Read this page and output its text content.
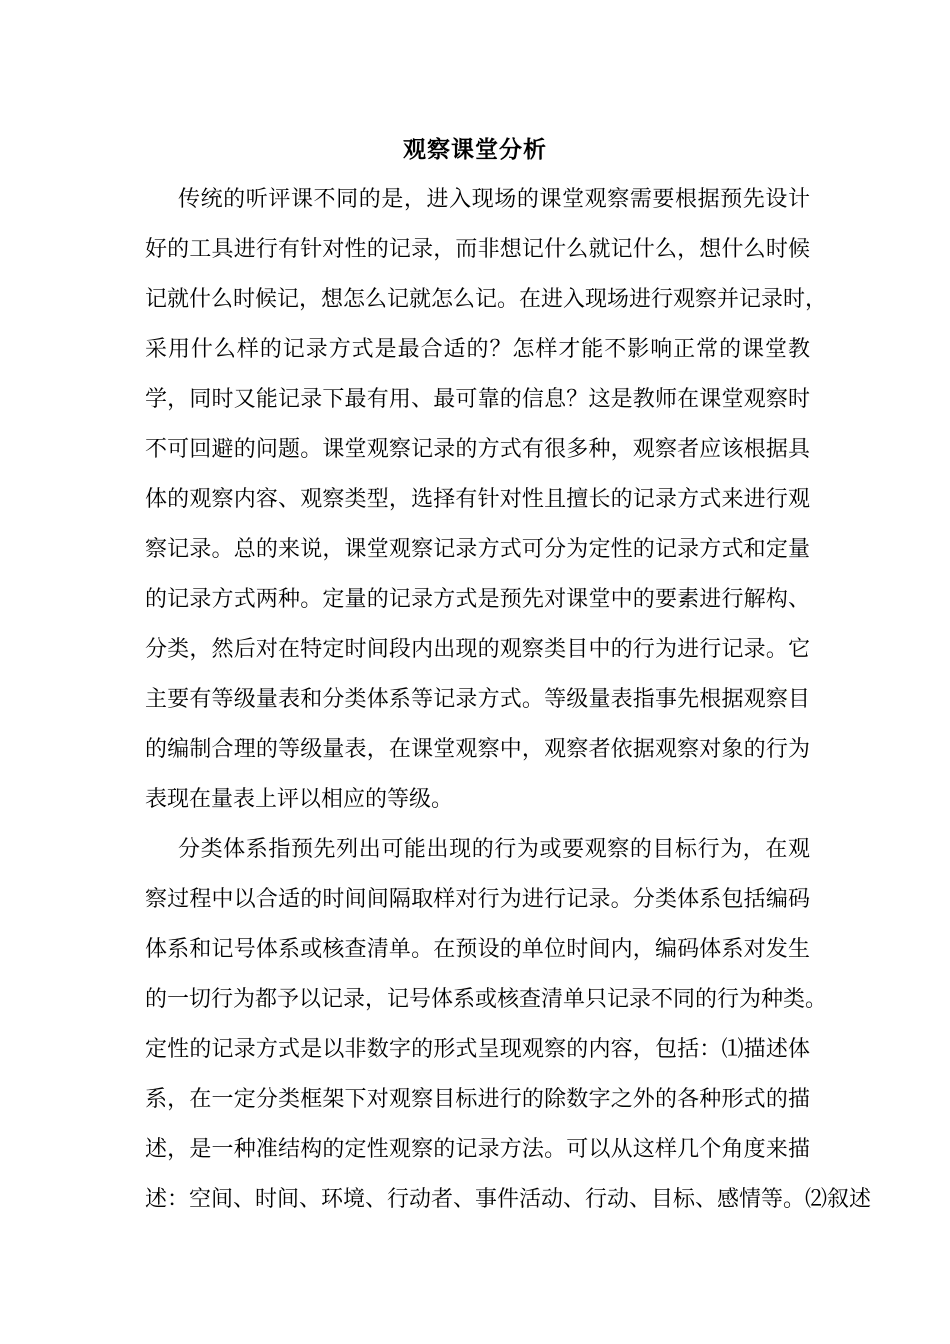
观察课堂分析
传统的听评课不同的是，进入现场的课堂观察需要根据预先设计
好的工具进行有针对性的记录，而非想记什么就记什么，想什么时候
记就什么时候记，想怎么记就怎么记。在进入现场进行观察并记录时，
采用什么样的记录方式是最合适的？怎样才能不影响正常的课堂教
学，同时又能记录下最有用、最可靠的信息？这是教师在课堂观察时
不可回避的问题。课堂观察记录的方式有很多种，观察者应该根据具
体的观察内容、观察类型，选择有针对性且擅长的记录方式来进行观
察记录。总的来说，课堂观察记录方式可分为定性的记录方式和定量
的记录方式两种。定量的记录方式是预先对课堂中的要素进行解构、
分类，然后对在特定时间段内出现的观察类目中的行为进行记录。它
主要有等级量表和分类体系等记录方式。等级量表指事先根据观察目
的编制合理的等级量表，在课堂观察中，观察者依据观察对象的行为
表现在量表上评以相应的等级。
分类体系指预先列出可能出现的行为或要观察的目标行为，在观
察过程中以合适的时间间隔取样对行为进行记录。分类体系包括编码
体系和记号体系或核查清单。在预设的单位时间内，编码体系对发生
的一切行为都予以记录，记号体系或核查清单只记录不同的行为种类。
定性的记录方式是以非数字的形式呈现观察的内容，包括：⑴描述体
系，在一定分类框架下对观察目标进行的除数字之外的各种形式的描
述，是一种准结构的定性观察的记录方法。可以从这样几个角度来描
述：空间、时间、环境、行动者、事件活动、行动、目标、感情等。⑵叙述
